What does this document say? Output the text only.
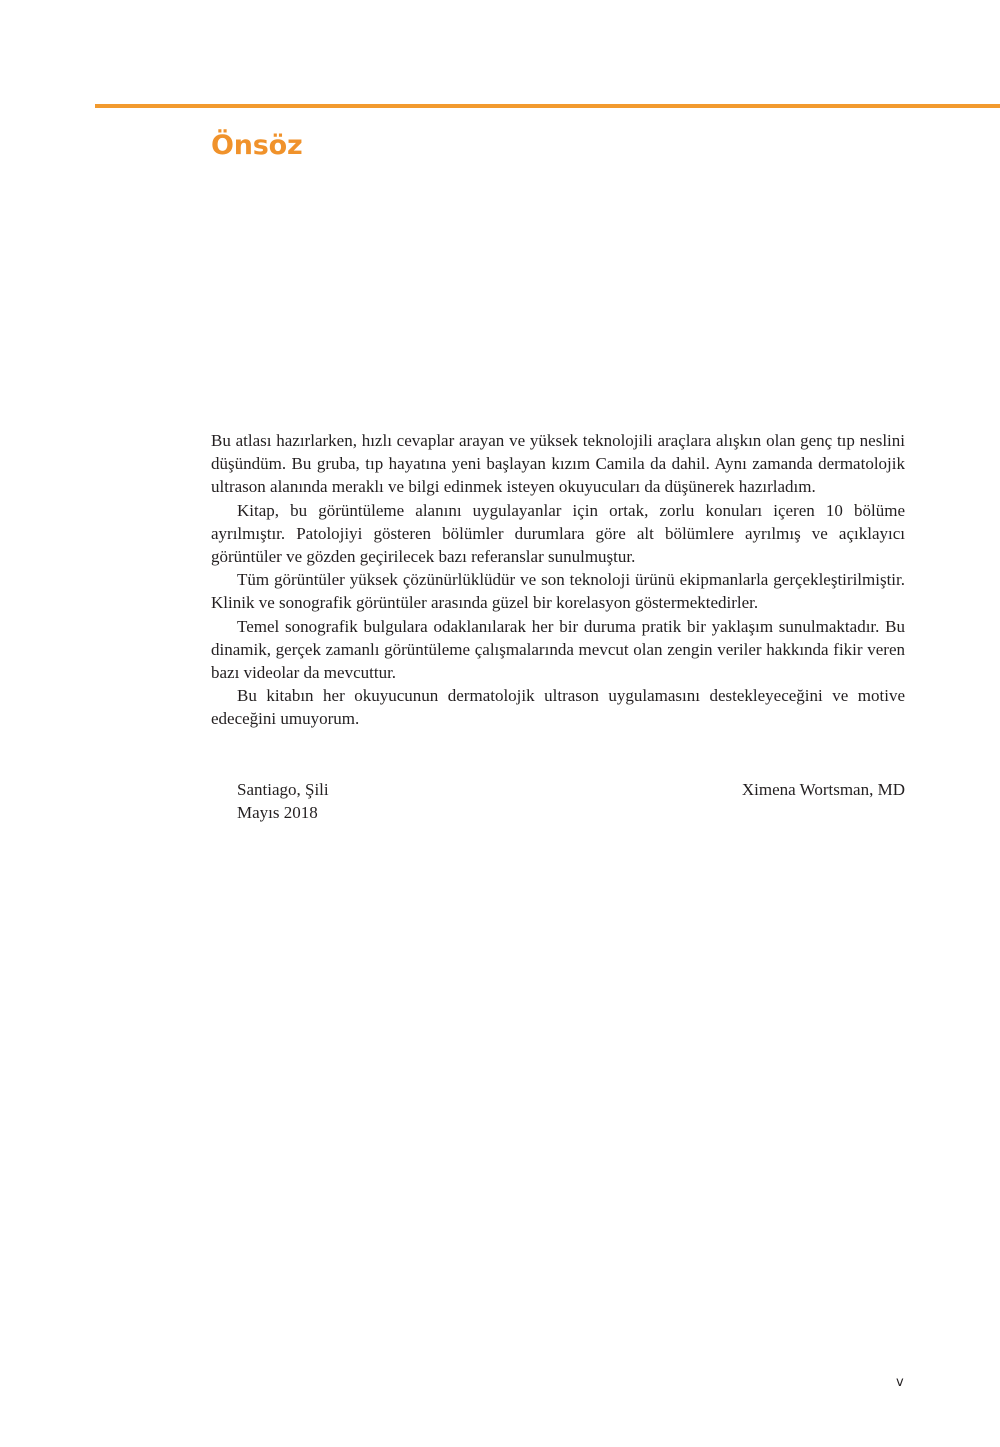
Önsöz

Bu atlası hazırlarken, hızlı cevaplar arayan ve yüksek teknolojili araçlara alışkın olan genç tıp neslini düşündüm. Bu gruba, tıp hayatına yeni başlayan kızım Camila da dahil. Aynı zamanda dermatolojik ultrason alanında meraklı ve bilgi edinmek isteyen okuyucuları da düşünerek hazırladım.

Kitap, bu görüntüleme alanını uygulayanlar için ortak, zorlu konuları içeren 10 bölüme ayrılmıştır. Patolojiyi gösteren bölümler durumlara göre alt bölümlere ayrılmış ve açıklayıcı görüntüler ve gözden geçirilecek bazı referanslar sunulmuştur.

Tüm görüntüler yüksek çözünürlüklüdür ve son teknoloji ürünü ekipmanlarla gerçekleştirilmiştir. Klinik ve sonografik görüntüler arasında güzel bir korelasyon göstermektedirler.

Temel sonografik bulgulara odaklanılarak her bir duruma pratik bir yaklaşım sunulmaktadır. Bu dinamik, gerçek zamanlı görüntüleme çalışmalarında mevcut olan zengin veriler hakkında fikir veren bazı videolar da mevcuttur.

Bu kitabın her okuyucunun dermatolojik ultrason uygulamasını destekleyeceğini ve motive edeceğini umuyorum.

Santiago, Şili
Mayıs 2018
Ximena Wortsman, MD
v
